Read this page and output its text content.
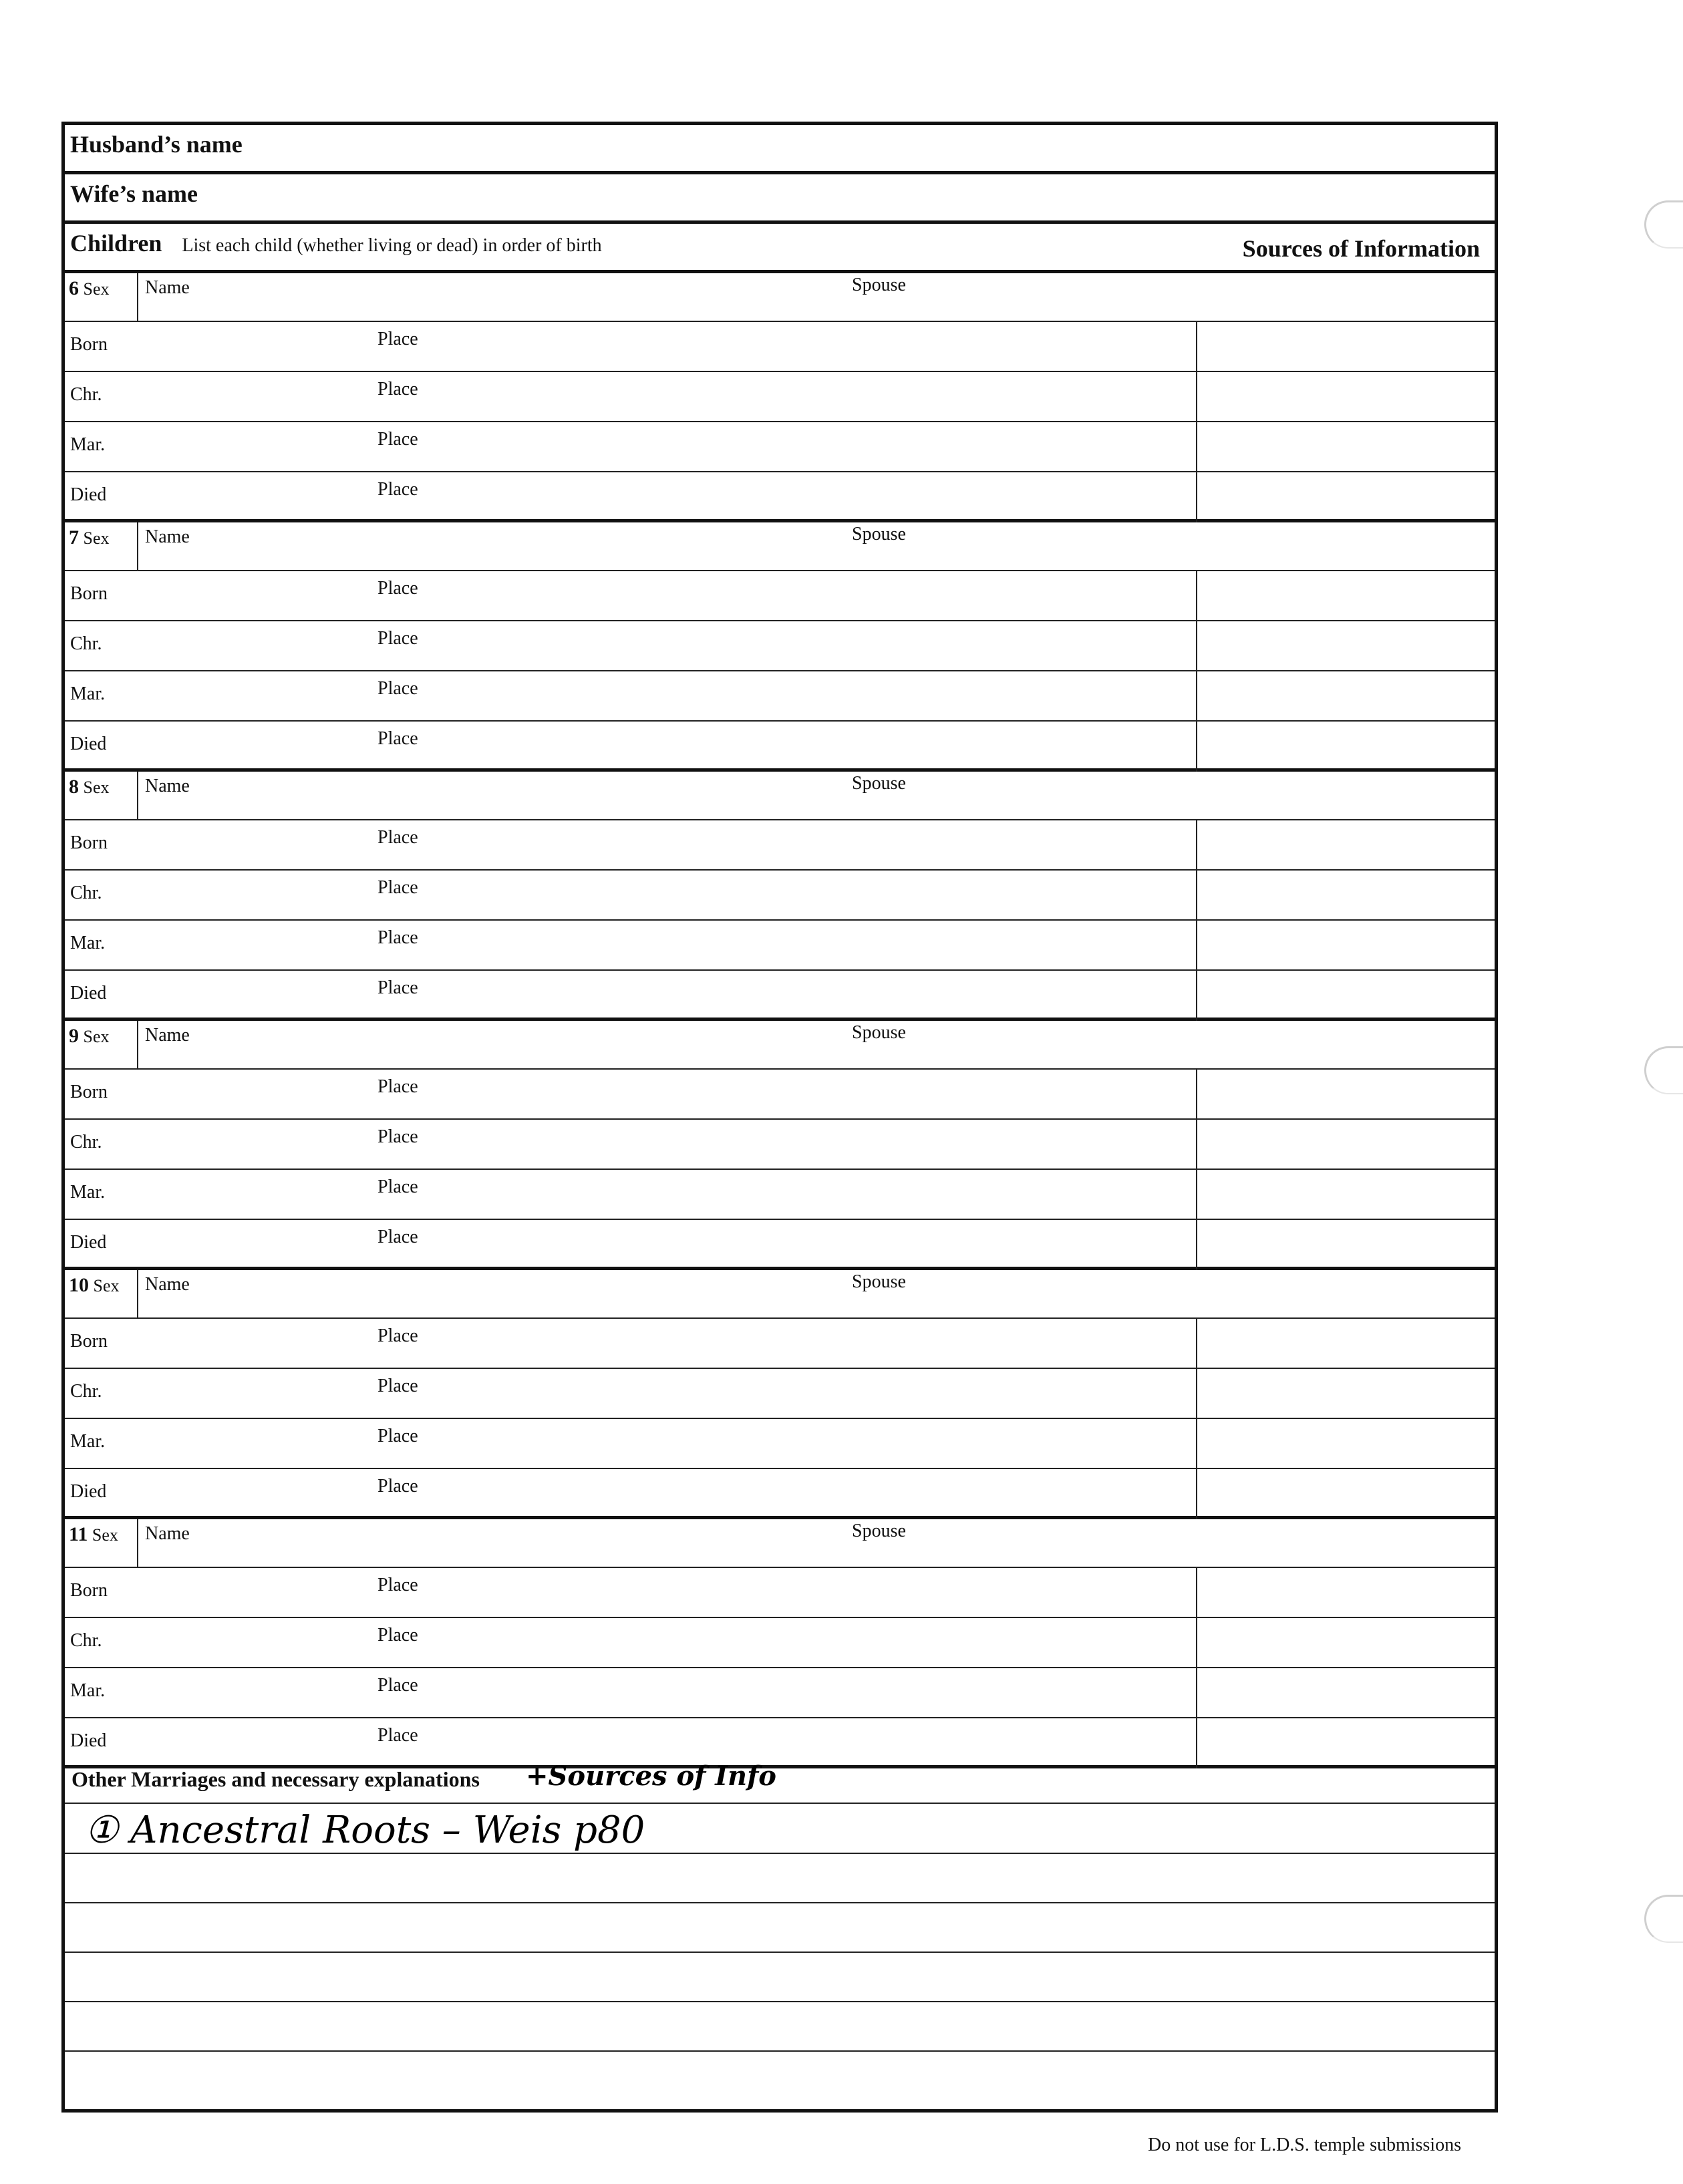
Husband’s name
Wife’s name
Children List each child (whether living or dead) in order of birth	Sources of Information
6 Sex	Name	Spouse
Born	Place
Chr.	Place
Mar.	Place
Died	Place
7 Sex	Name	Spouse
Born	Place
Chr.	Place
Mar.	Place
Died	Place
8 Sex	Name	Spouse
Born	Place
Chr.	Place
Mar.	Place
Died	Place
9 Sex	Name	Spouse
Born	Place
Chr.	Place
Mar.	Place
Died	Place
10 Sex	Name	Spouse
Born	Place
Chr.	Place
Mar.	Place
Died	Place
11 Sex	Name	Spouse
Born	Place
Chr.	Place
Mar.	Place
Died	Place
Other Marriages and necessary explanations +Sources of Info
① Ancestral Roots – Weis p80
Do not use for L.D.S. temple submissions
